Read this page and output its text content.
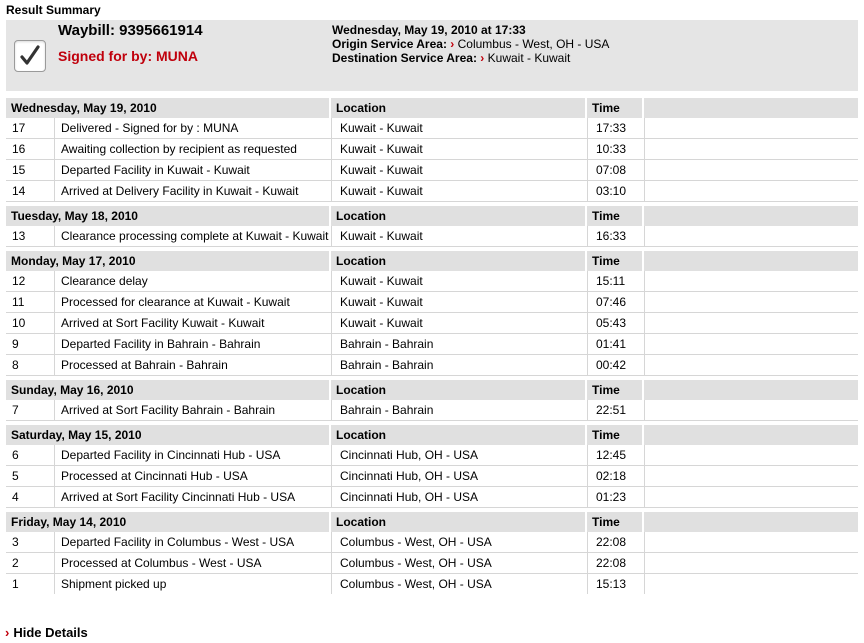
Result Summary
Waybill: 9395661914
Signed for by: MUNA
Wednesday, May 19, 2010 at 17:33
Origin Service Area: › Columbus - West, OH - USA
Destination Service Area: › Kuwait - Kuwait
Wednesday, May 19, 2010		Location	Time	
17	Delivered - Signed for by : MUNA	Kuwait - Kuwait	17:33	
16	Awaiting collection by recipient as requested	Kuwait - Kuwait	10:33	
15	Departed Facility in Kuwait - Kuwait	Kuwait - Kuwait	07:08	
14	Arrived at Delivery Facility in Kuwait - Kuwait	Kuwait - Kuwait	03:10	

Tuesday, May 18, 2010		Location	Time	
13	Clearance processing complete at Kuwait - Kuwait	Kuwait - Kuwait	16:33	

Monday, May 17, 2010		Location	Time	
12	Clearance delay	Kuwait - Kuwait	15:11	
11	Processed for clearance at Kuwait - Kuwait	Kuwait - Kuwait	07:46	
10	Arrived at Sort Facility Kuwait - Kuwait	Kuwait - Kuwait	05:43	
9	Departed Facility in Bahrain - Bahrain	Bahrain - Bahrain	01:41	
8	Processed at Bahrain - Bahrain	Bahrain - Bahrain	00:42	

Sunday, May 16, 2010		Location	Time	
7	Arrived at Sort Facility Bahrain - Bahrain	Bahrain - Bahrain	22:51	

Saturday, May 15, 2010		Location	Time	
6	Departed Facility in Cincinnati Hub - USA	Cincinnati Hub, OH - USA	12:45	
5	Processed at Cincinnati Hub - USA	Cincinnati Hub, OH - USA	02:18	
4	Arrived at Sort Facility Cincinnati Hub - USA	Cincinnati Hub, OH - USA	01:23	

Friday, May 14, 2010		Location	Time	
3	Departed Facility in Columbus - West - USA	Columbus - West, OH - USA	22:08	
2	Processed at Columbus - West - USA	Columbus - West, OH - USA	22:08	
1	Shipment picked up	Columbus - West, OH - USA	15:13	
› Hide Details
